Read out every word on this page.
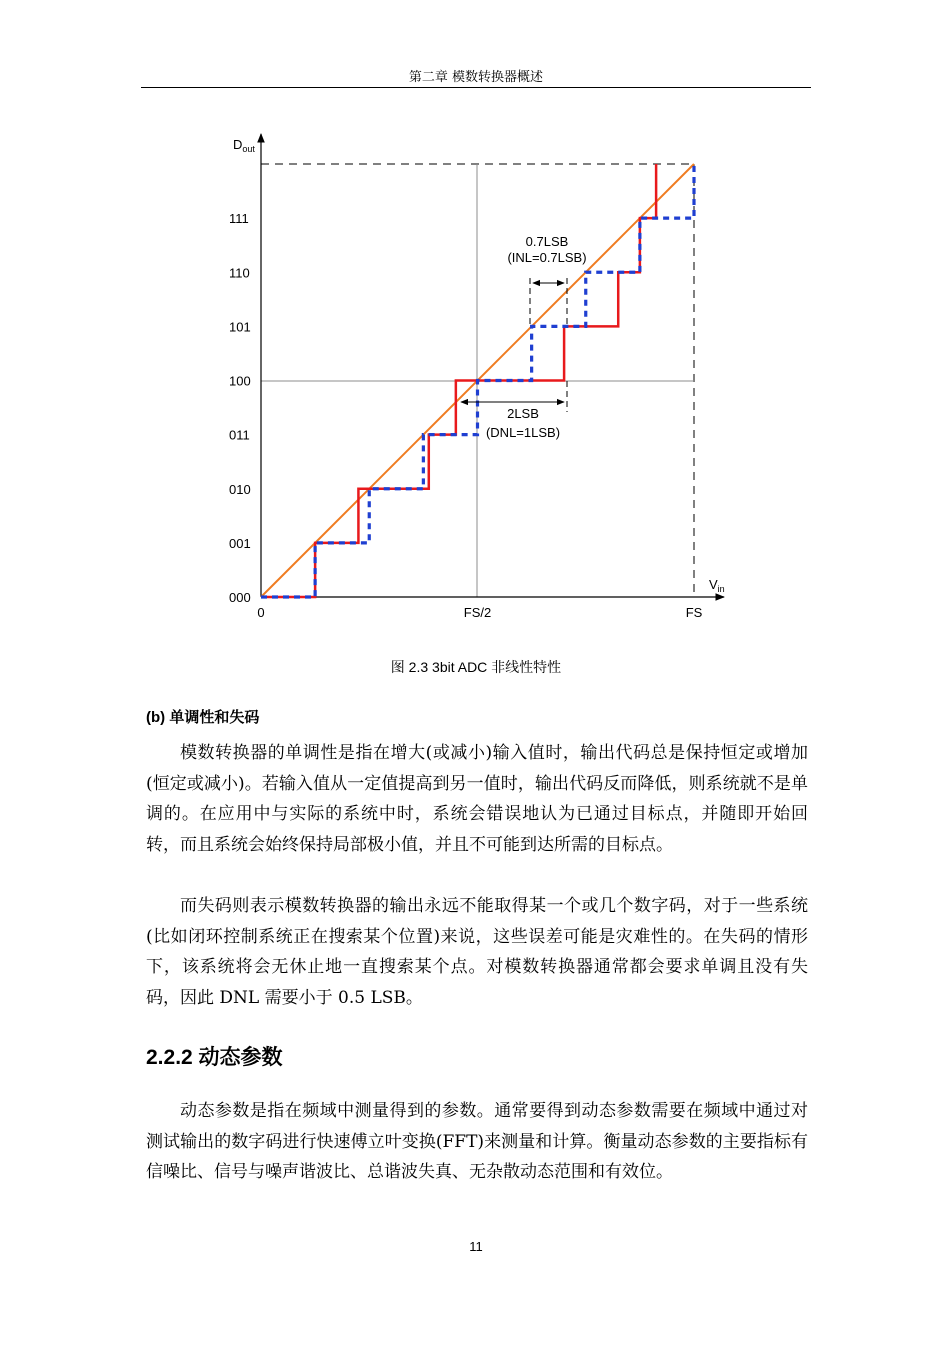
第二章 模数转换器概述
$D_{out}$
$V_{in}$
000
001
010
011
100
101
110
111
0	FS/2	FS
0.7LSB
(INL=0.7LSB)
2LSB
(DNL=1LSB)
图 2.3 3bit ADC 非线性特性
(b) 单调性和失码

模数转换器的单调性是指在增大(或减小)输入值时，输出代码总是保持恒定或增加(恒定或减小)。若输入值从一定值提高到另一值时，输出代码反而降低，则系统就不是单调的。在应用中与实际的系统中时，系统会错误地认为已通过目标点，并随即开始回转，而且系统会始终保持局部极小值，并且不可能到达所需的目标点。

而失码则表示模数转换器的输出永远不能取得某一个或几个数字码，对于一些系统(比如闭环控制系统正在搜索某个位置)来说，这些误差可能是灾难性的。在失码的情形下，该系统将会无休止地一直搜索某个点。对模数转换器通常都会要求单调且没有失码，因此 DNL 需要小于 0.5 LSB。

2.2.2 动态参数

动态参数是指在频域中测量得到的参数。通常要得到动态参数需要在频域中通过对测试输出的数字码进行快速傅立叶变换(FFT)来测量和计算。衡量动态参数的主要指标有信噪比、信号与噪声谐波比、总谐波失真、无杂散动态范围和有效位。

11
